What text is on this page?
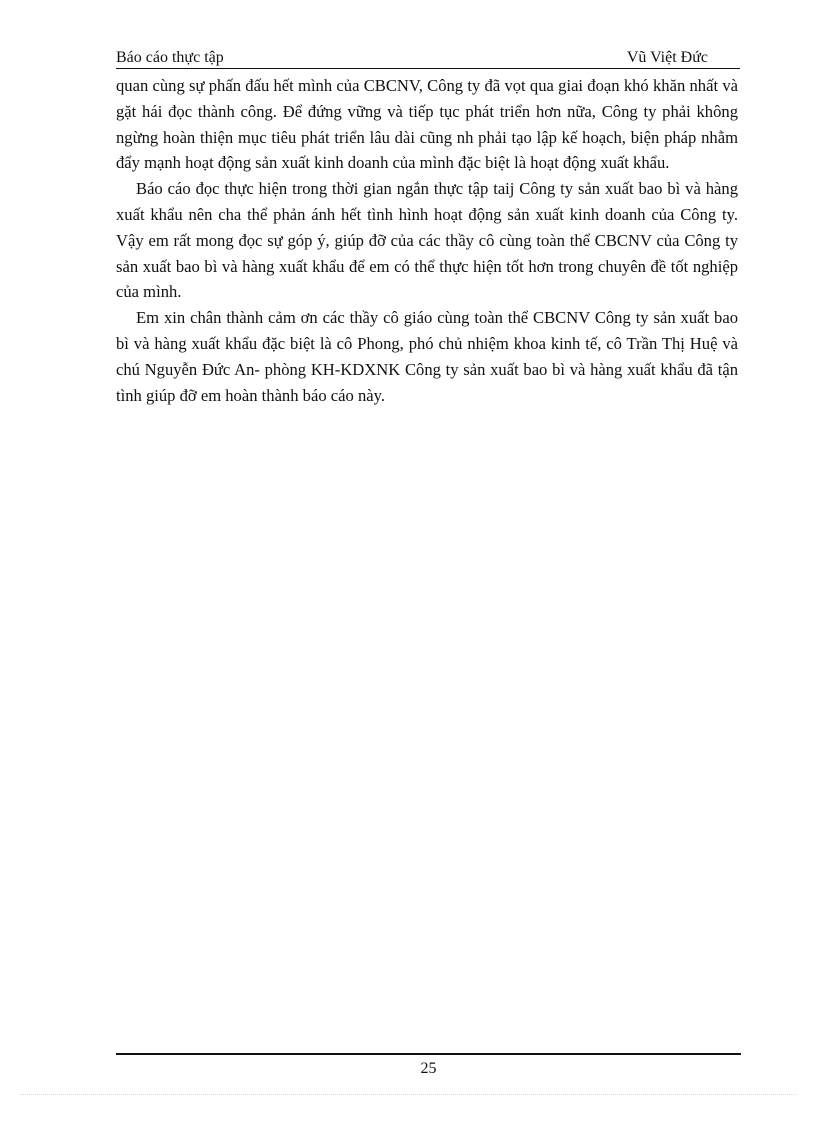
Báo cáo thực tập	Vũ Việt Đức

quan cùng sự phấn đấu hết mình của CBCNV, Công ty đã vọt qua giai đoạn khó khăn nhất và gặt hái đọc thành công. Để đứng vững và tiếp tục phát triển hơn nữa, Công ty phải không ngừng hoàn thiện mục tiêu phát triển lâu dài cũng nh phải tạo lập kế hoạch, biện pháp nhằm đẩy mạnh hoạt động sản xuất kinh doanh của mình đặc biệt là hoạt động xuất khẩu.

Báo cáo đọc thực hiện trong thời gian ngắn thực tập taij Công ty sản xuất bao bì và hàng xuất khẩu nên cha thể phản ánh hết tình hình hoạt động sản xuất kinh doanh của Công ty. Vậy em rất mong đọc sự góp ý, giúp đỡ của các thầy cô cùng toàn thể CBCNV của Công ty sản xuất bao bì và hàng xuất khẩu để em có thể thực hiện tốt hơn trong chuyên đề tốt nghiệp của mình.

Em xin chân thành cảm ơn các thầy cô giáo cùng toàn thể CBCNV Công ty sản xuất bao bì và hàng xuất khẩu đặc biệt là cô Phong, phó chủ nhiệm khoa kinh tế, cô Trần Thị Huệ và chú Nguyễn Đức An- phòng KH-KDXNK Công ty sản xuất bao bì và hàng xuất khẩu đã tận tình giúp đỡ em hoàn thành báo cáo này.

25
